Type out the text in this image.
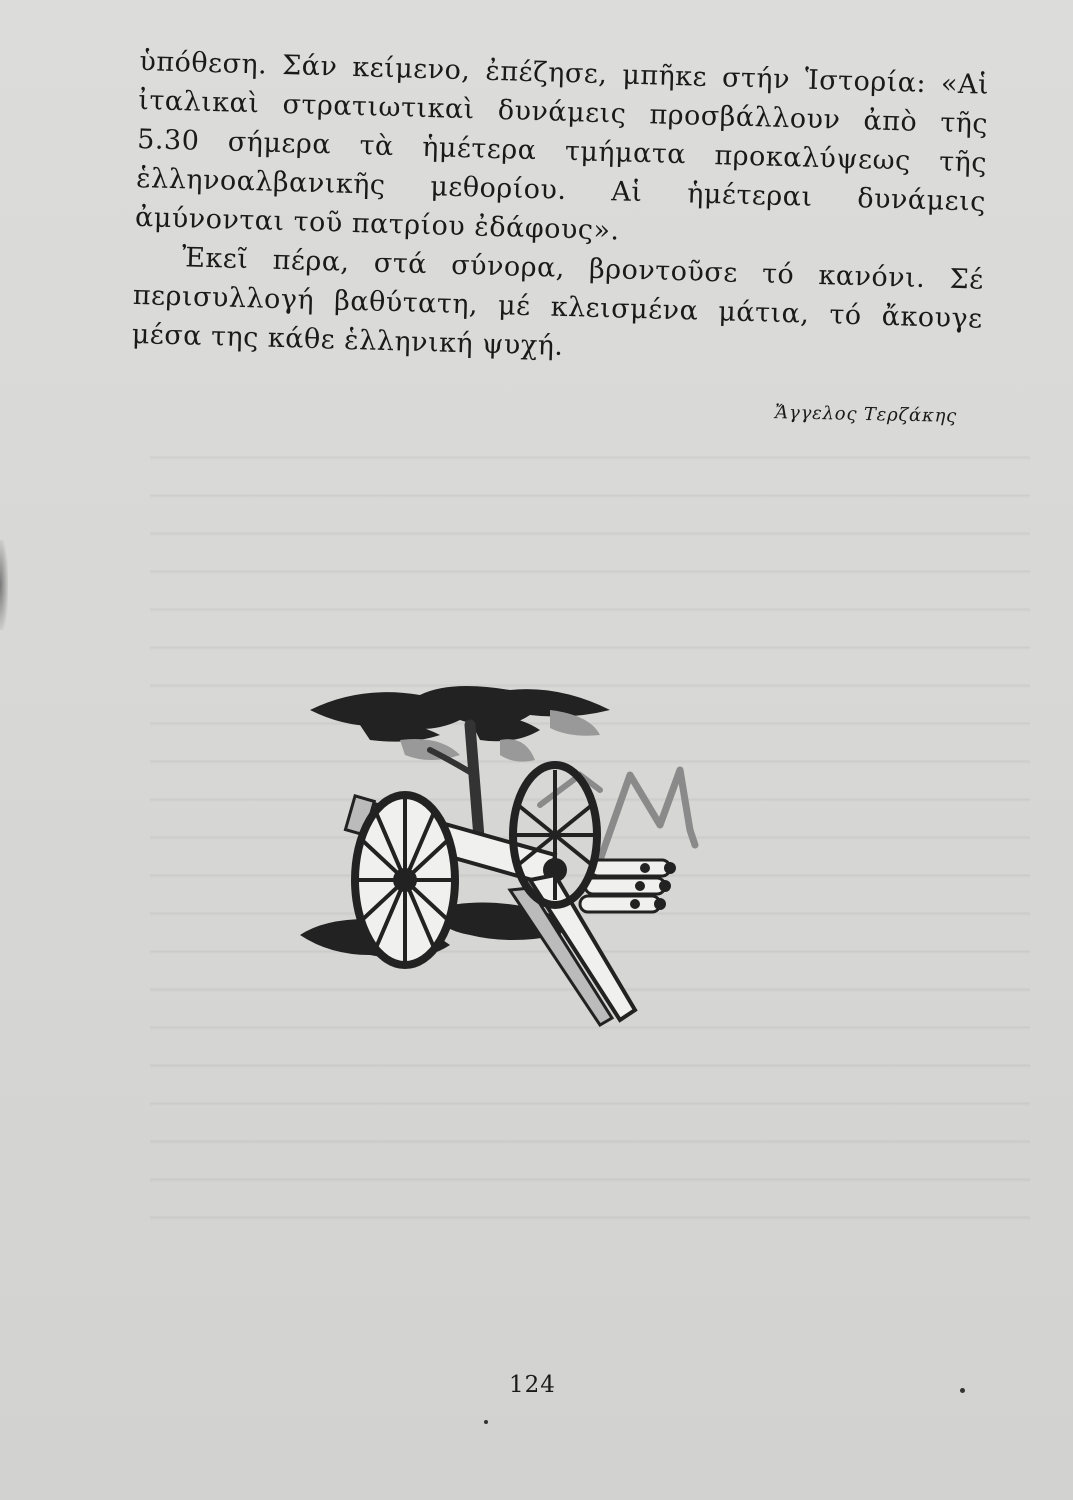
ὑπόθεση. Σάν κείμενο, ἐπέζησε, μπῆκε στήν Ἱστορία: «Αἱ ἰταλικαὶ στρατιωτικαὶ δυνάμεις προσβάλλουν ἀπὸ τῆς 5.30 σήμερα τὰ ἡμέτερα τμήματα προκαλύψεως τῆς ἑλληνοαλβανικῆς μεθορίου. Αἱ ἡμέτεραι δυνάμεις ἀμύνονται τοῦ πατρίου ἐδάφους».

Ἐκεῖ πέρα, στά σύνορα, βροντοῦσε τό κανόνι. Σέ περισυλλογή βαθύτατη, μέ κλεισμένα μάτια, τό ἄκουγε μέσα της κάθε ἑλληνική ψυχή.

Ἄγγελος Τερζάκης
124
